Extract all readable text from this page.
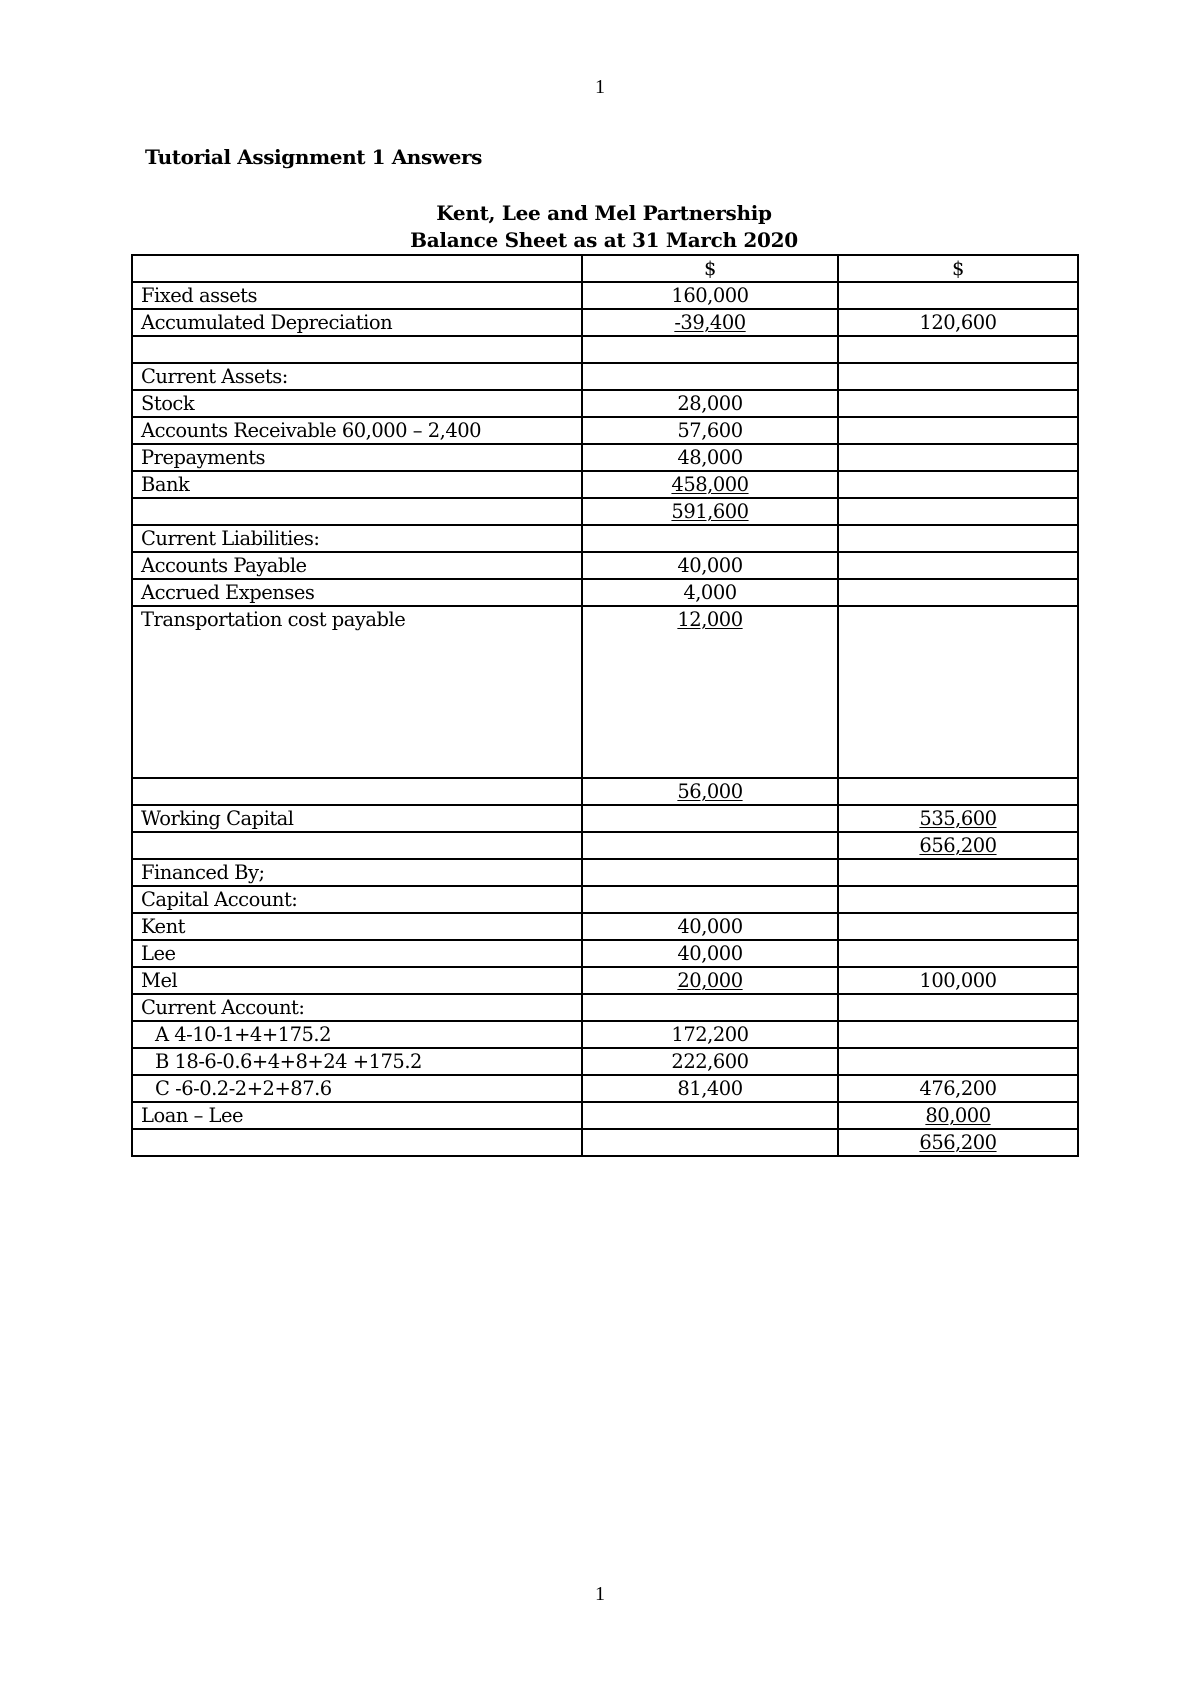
1
Tutorial Assignment 1 Answers
Kent, Lee and Mel Partnership
Balance Sheet as at 31 March 2020
	$	$
Fixed assets	160,000	
Accumulated Depreciation	-39,400	120,600

Current Assets:		
Stock	28,000	
Accounts Receivable 60,000 – 2,400	57,600	
Prepayments	48,000	
Bank	458,000	
	591,600	
Current Liabilities:		
Accounts Payable	40,000	
Accrued Expenses	4,000	
Transportation cost payable	12,000	
	56,000	
Working Capital		535,600
		656,200
Financed By;		
Capital Account:		
Kent	40,000	
Lee	40,000	
Mel	20,000	100,000
Current Account:		
A 4-10-1+4+175.2	172,200	
B 18-6-0.6+4+8+24 +175.2	222,600	
C -6-0.2-2+2+87.6	81,400	476,200
Loan – Lee		80,000
		656,200
1
